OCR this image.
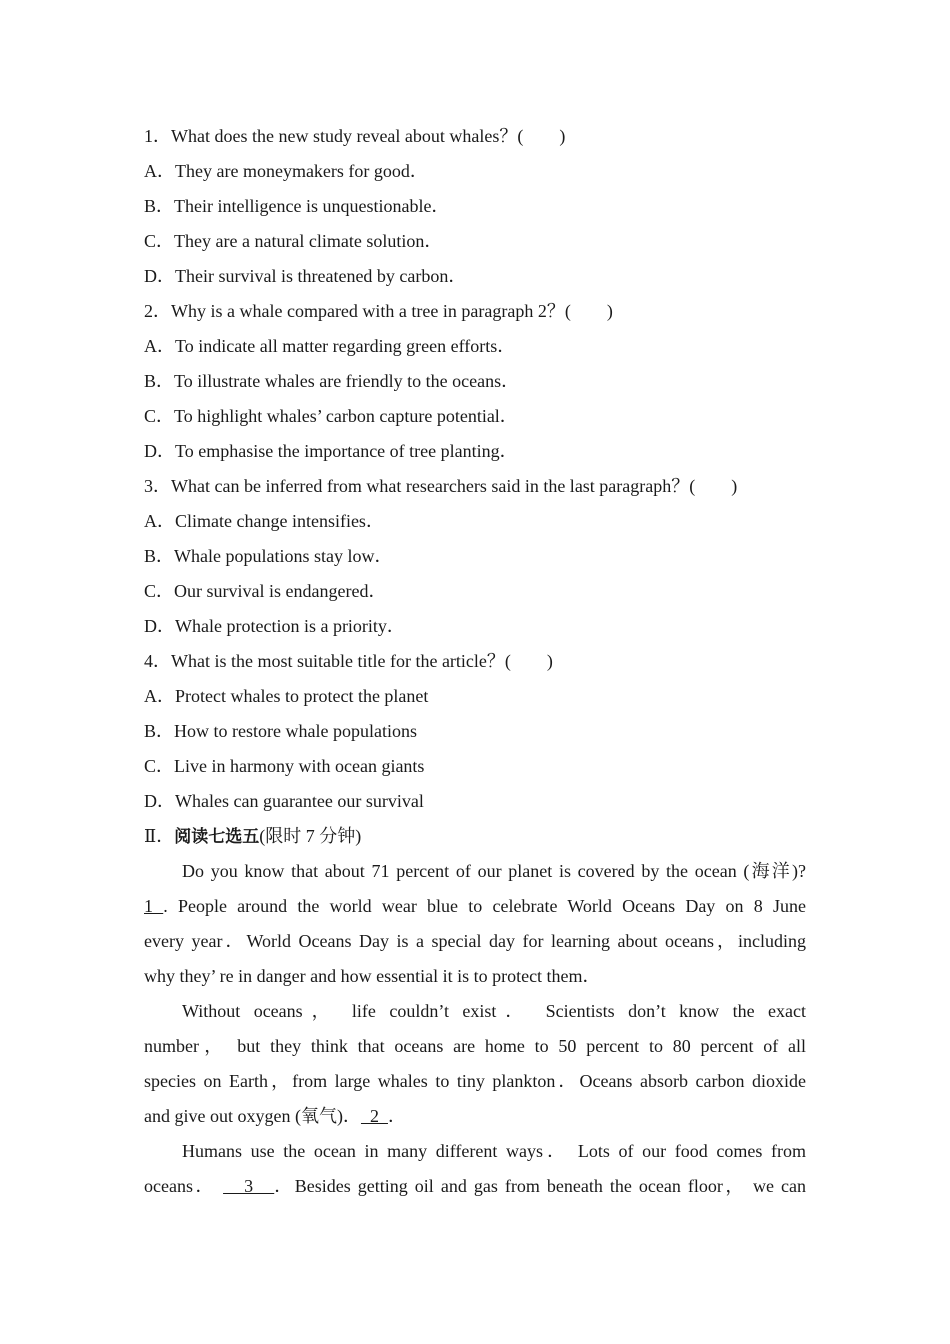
1．What does the new study reveal about whales？(　　)
A．They are moneymakers for good．
B．Their intelligence is unquestionable．
C．They are a natural climate solution．
D．Their survival is threatened by carbon．
2．Why is a whale compared with a tree in paragraph 2？(　　)
A．To indicate all matter regarding green efforts．
B．To illustrate whales are friendly to the oceans．
C．To highlight whales’ carbon capture potential．
D．To emphasise the importance of tree planting．
3．What can be inferred from what researchers said in the last paragraph？(　　)
A．Climate change intensifies．
B．Whale populations stay low．
C．Our survival is endangered．
D．Whale protection is a priority．
4．What is the most suitable title for the article？(　　)
A．Protect whales to protect the planet
B．How to restore whale populations
C．Live in harmony with ocean giants
D．Whales can guarantee our survival
Ⅱ．阅读七选五(限时 7 分钟)
Do you know that about 71 percent of our planet is covered by the ocean (海洋)?
1 . People around the world wear blue to celebrate World Oceans Day on 8 June
every year．World Oceans Day is a special day for learning about oceans，including
why they’ re in danger and how essential it is to protect them．
Without oceans， life couldn’t exist． Scientists don’t know the exact
number， but they think that oceans are home to 50 percent to 80 percent of all
species on Earth，from large whales to tiny plankton．Oceans absorb carbon dioxide
and give out oxygen (氧气)．  2  ．
Humans use the ocean in many different ways． Lots of our food comes from
oceans．    3   ．Besides getting oil and gas from beneath the ocean floor， we can
